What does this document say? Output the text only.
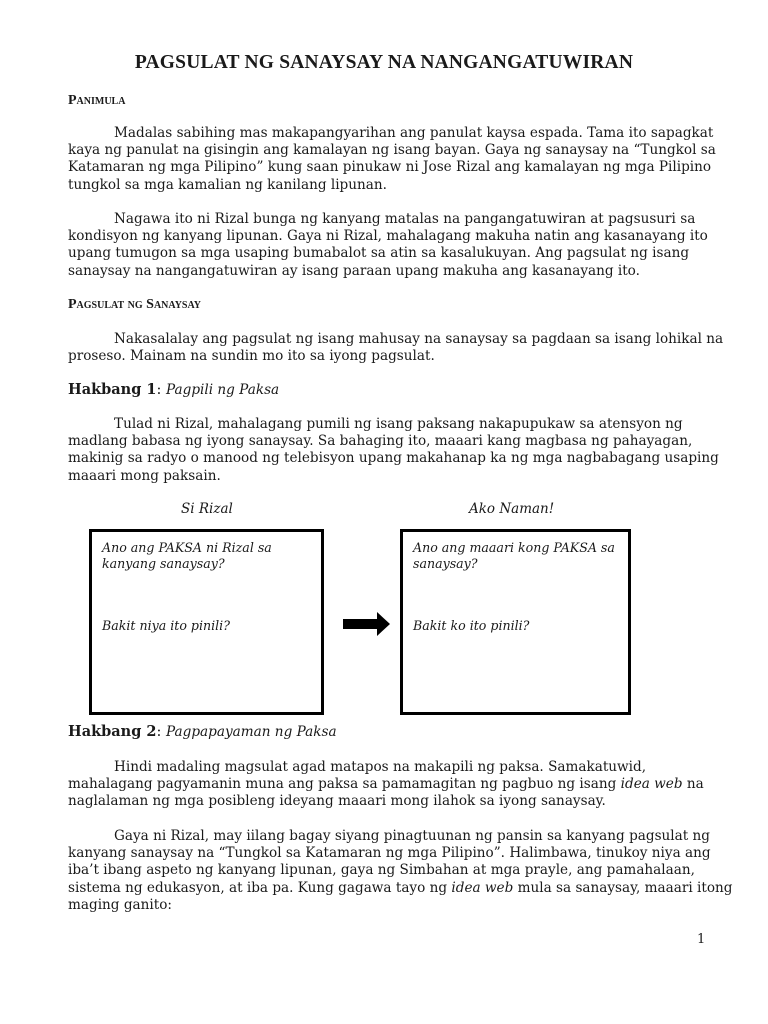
PAGSULAT NG SANAYSAY NA NANGANGATUWIRAN
Panimula
Madalas sabihing mas makapangyarihan ang panulat kaysa espada. Tama ito sapagkat
kaya ng panulat na gisingin ang kamalayan ng isang bayan. Gaya ng sanaysay na “Tungkol sa
Katamaran ng mga Pilipino” kung saan pinukaw ni Jose Rizal ang kamalayan ng mga Pilipino
tungkol sa mga kamalian ng kanilang lipunan.
Nagawa ito ni Rizal bunga ng kanyang matalas na pangangatuwiran at pagsusuri sa
kondisyon ng kanyang lipunan. Gaya ni Rizal, mahalagang makuha natin ang kasanayang ito
upang tumugon sa mga usaping bumabalot sa atin sa kasalukuyan. Ang pagsulat ng isang
sanaysay na nangangatuwiran ay isang paraan upang makuha ang kasanayang ito.
Pagsulat ng Sanaysay
Nakasalalay ang pagsulat ng isang mahusay na sanaysay sa pagdaan sa isang lohikal na
proseso. Mainam na sundin mo ito sa iyong pagsulat.
Hakbang 1: Pagpili ng Paksa
Tulad ni Rizal, mahalagang pumili ng isang paksang nakapupukaw sa atensyon ng
madlang babasa ng iyong sanaysay. Sa bahaging ito, maaari kang magbasa ng pahayagan,
makinig sa radyo o manood ng telebisyon upang makahanap ka ng mga nagbabagang usaping
maaari mong paksain.
Si Rizal	Ako Naman!
Ano ang PAKSA ni Rizal sa
kanyang sanaysay?
Bakit niya ito pinili?
Ano ang maaari kong PAKSA sa
sanaysay?
Bakit ko ito pinili?
Hakbang 2: Pagpapayaman ng Paksa
Hindi madaling magsulat agad matapos na makapili ng paksa. Samakatuwid,
mahalagang pagyamanin muna ang paksa sa pamamagitan ng pagbuo ng isang idea web na
naglalaman ng mga posibleng ideyang maaari mong ilahok sa iyong sanaysay.
Gaya ni Rizal, may iilang bagay siyang pinagtuunan ng pansin sa kanyang pagsulat ng
kanyang sanaysay na “Tungkol sa Katamaran ng mga Pilipino”. Halimbawa, tinukoy niya ang
iba’t ibang aspeto ng kanyang lipunan, gaya ng Simbahan at mga prayle, ang pamahalaan,
sistema ng edukasyon, at iba pa. Kung gagawa tayo ng idea web mula sa sanaysay, maaari itong
maging ganito:
1
